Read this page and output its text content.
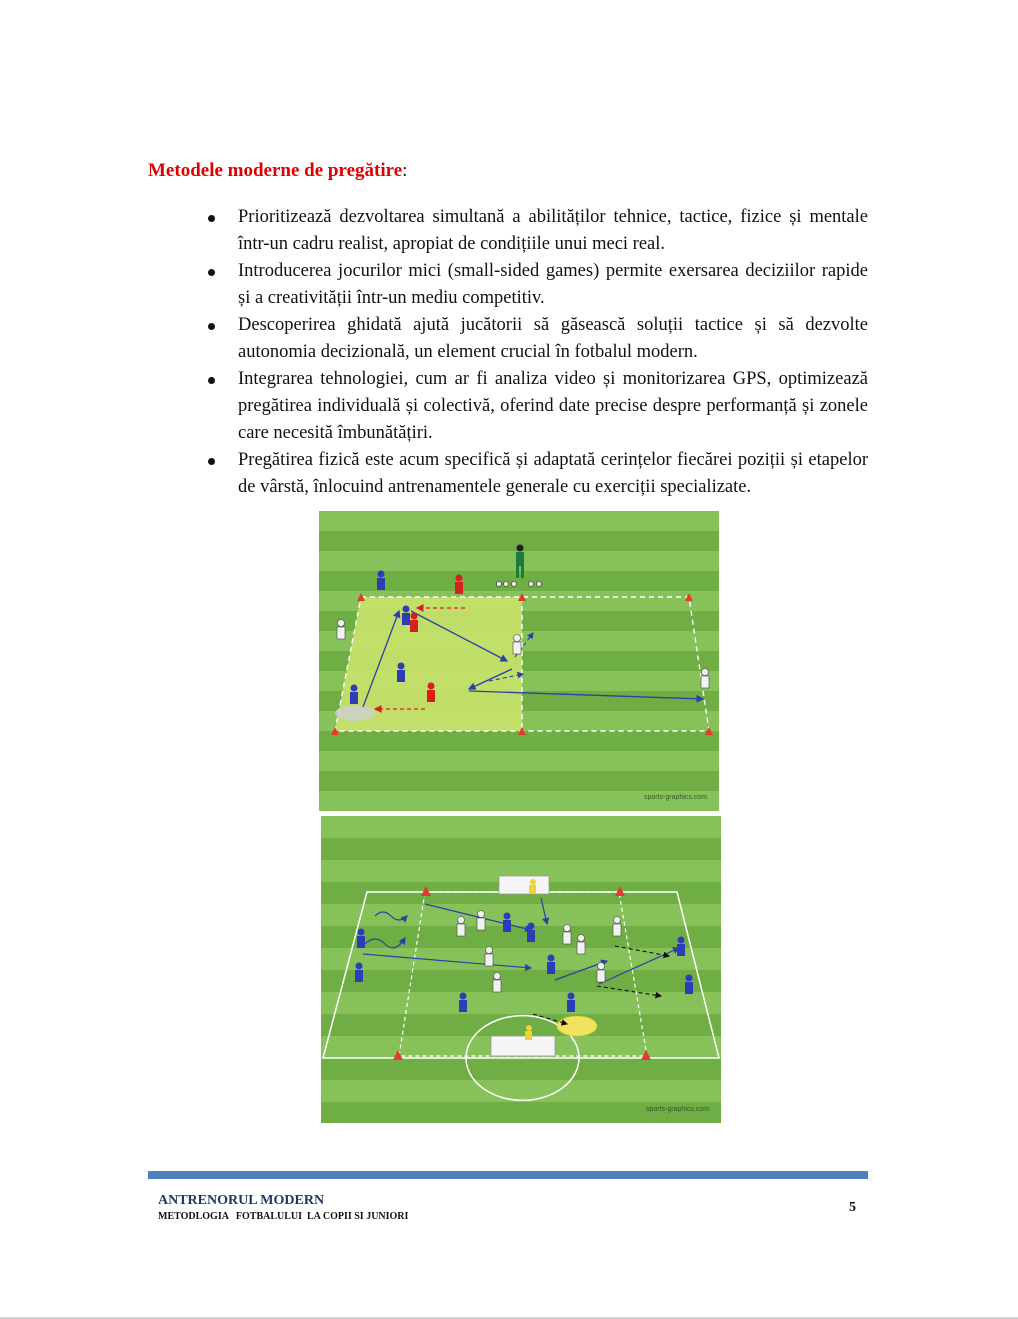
Metodele moderne de pregătire:
Prioritizează dezvoltarea simultană a abilităților tehnice, tactice, fizice și mentale într-un cadru realist, apropiat de condițiile unui meci real.
Introducerea jocurilor mici (small-sided games) permite exersarea deciziilor rapide și a creativității într-un mediu competitiv.
Descoperirea ghidată ajută jucătorii să găsească soluții tactice și să dezvolte autonomia decizională, un element crucial în fotbalul modern.
Integrarea tehnologiei, cum ar fi analiza video și monitorizarea GPS, optimizează pregătirea individuală și colectivă, oferind date precise despre performanță și zonele care necesită îmbunătățiri.
Pregătirea fizică este acum specifică și adaptată cerințelor fiecărei poziții și etapelor de vârstă, înlocuind antrenamentele generale cu exerciții specializate.
sports-graphics.com
sports-graphics.com
ANTRENORUL MODERN
METODLOGIA   FOTBALULUI  LA COPII SI JUNIORI
5
